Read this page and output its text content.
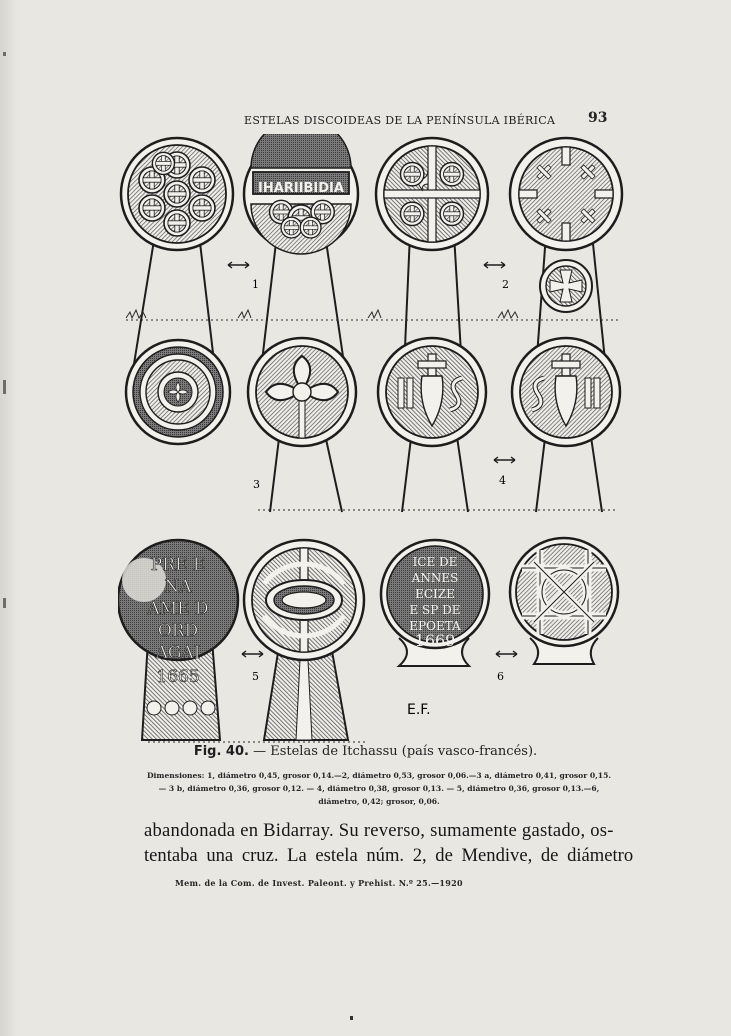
ESTELAS DISCOIDEAS DE LA PENÍNSULA IBÉRICA 93
IHARIIBIDIA
PRE E
NA
AME D
ORD
AGAI
1665
ICE DE
ANNES
ECIZE
E SP DE
EPOETA
1669
1	2
3	4
5	6
E.F.
Fig. 40. — Estelas de Itchassu (país vasco-francés).
Dimensiones: 1, diámetro 0,45, grosor 0,14.—2, diámetro 0,53, grosor 0,06.—3 a, diámetro 0,41, grosor 0,15. — 3 b, diámetro 0,36, grosor 0,12. — 4, diámetro 0,38, grosor 0,13. — 5, diámetro 0,36, grosor 0,13.—6, diámetro, 0,42; grosor, 0,06.
abandonada en Bidarray. Su reverso, sumamente gastado, os-
tentaba una cruz. La estela núm. 2, de Mendive, de diámetro
Mem. de la Com. de Invest. Paleont. y Prehist. N.º 25.—1920
